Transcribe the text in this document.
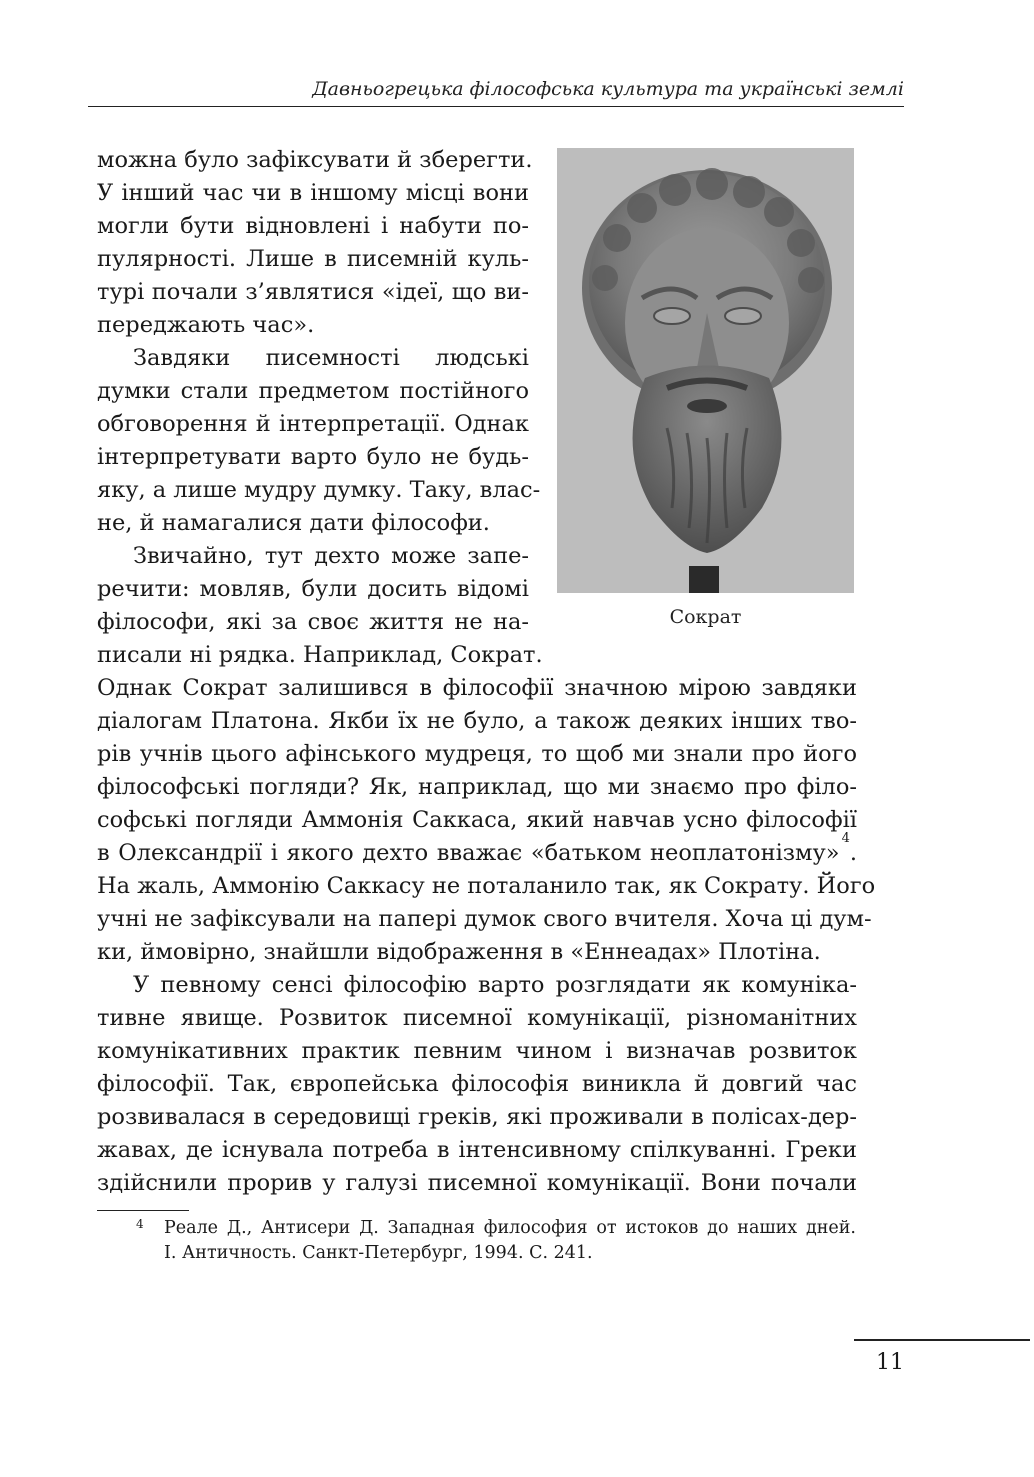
Давньогрецька філософська культура та українські землі
можна було зафіксувати й зберегти.
У інший час чи в іншому місці вони
могли бути відновлені і набути по-
пулярності. Лише в писемній куль-
турі почали з’являтися «ідеї, що ви-
переджають час».
Завдяки писемності людські
думки стали предметом постійного
обговорення й інтерпретації. Однак
інтерпретувати варто було не будь-
яку, а лише мудру думку. Таку, влас-
не, й намагалися дати філософи.
Звичайно, тут дехто може запе-
речити: мовляв, були досить відомі
філософи, які за своє життя не на-
писали ні рядка. Наприклад, Сократ.
Однак Сократ залишився в філософії значною мірою завдяки
діалогам Платона. Якби їх не було, а також деяких інших тво-
рів учнів цього афінського мудреця, то щоб ми знали про його
філософські погляди? Як, наприклад, що ми знаємо про філо-
софські погляди Аммонія Саккаса, який навчав усно філософії
в Олександрії і якого дехто вважає «батьком неоплатонізму»
4
.
На жаль, Аммонію Саккасу не поталанило так, як Сократу. Його
учні не зафіксували на папері думок свого вчителя. Хоча ці дум-
ки, ймовірно, знайшли відображення в «Еннеадах» Плотіна.
У певному сенсі філософію варто розглядати як комуніка-
тивне явище. Розвиток писемної комунікації, різноманітних
комунікативних практик певним чином і визначав розвиток
філософії. Так, європейська філософія виникла й довгий час
розвивалася в середовищі греків, які проживали в полісах-дер-
жавах, де існувала потреба в інтенсивному спілкуванні. Греки
здійснили прорив у галузі писемної комунікації. Вони почали
Сократ
4 Реале Д., Антисери Д. Западная философия от истоков до наших дней.
І. Античность. Санкт-Петербург, 1994. С. 241.
11
